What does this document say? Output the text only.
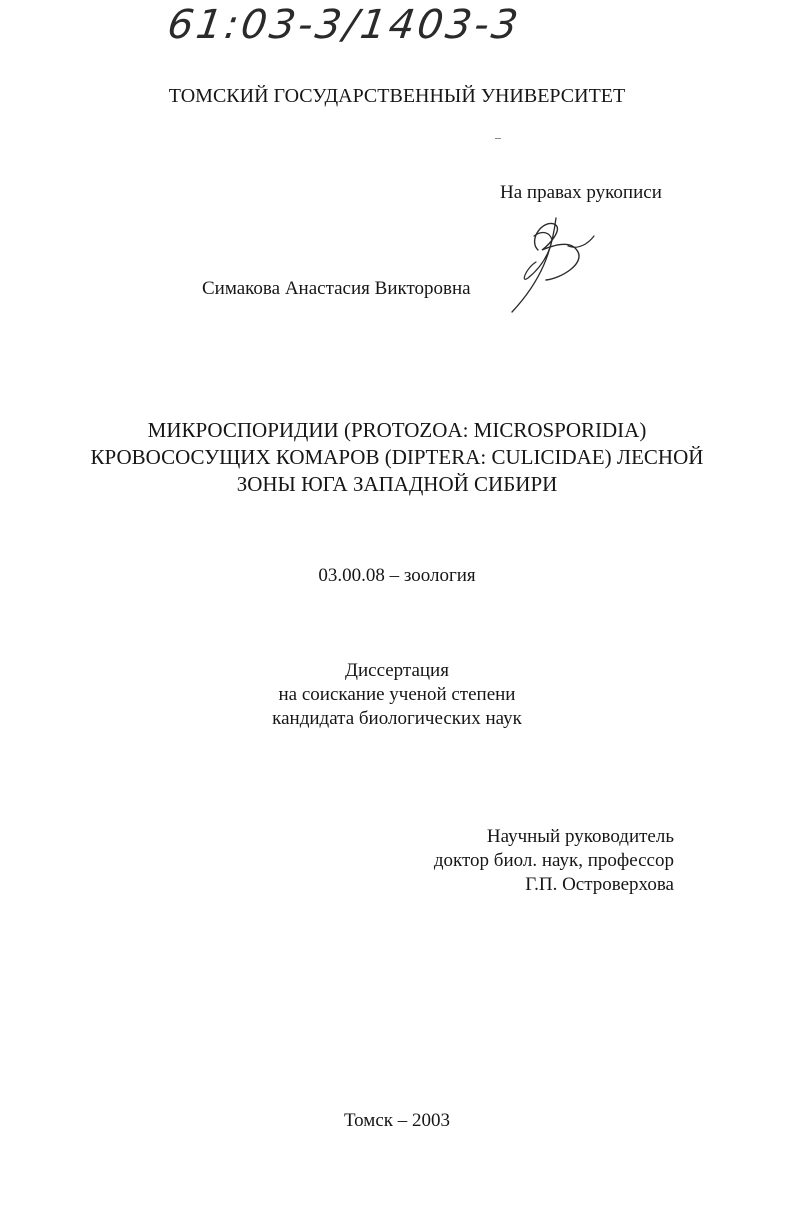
61:03-3/1403-3
ТОМСКИЙ ГОСУДАРСТВЕННЫЙ УНИВЕРСИТЕТ
На правах рукописи
Симакова Анастасия Викторовна
МИКРОСПОРИДИИ (PROTOZOA: MICROSPORIDIA)
КРОВОСОСУЩИХ КОМАРОВ (DIPTERA: CULICIDAE) ЛЕСНОЙ
ЗОНЫ ЮГА ЗАПАДНОЙ СИБИРИ
03.00.08 – зоология
Диссертация
на соискание ученой степени
кандидата биологических наук
Научный руководитель
доктор биол. наук, профессор
Г.П. Островерхова
Томск – 2003
